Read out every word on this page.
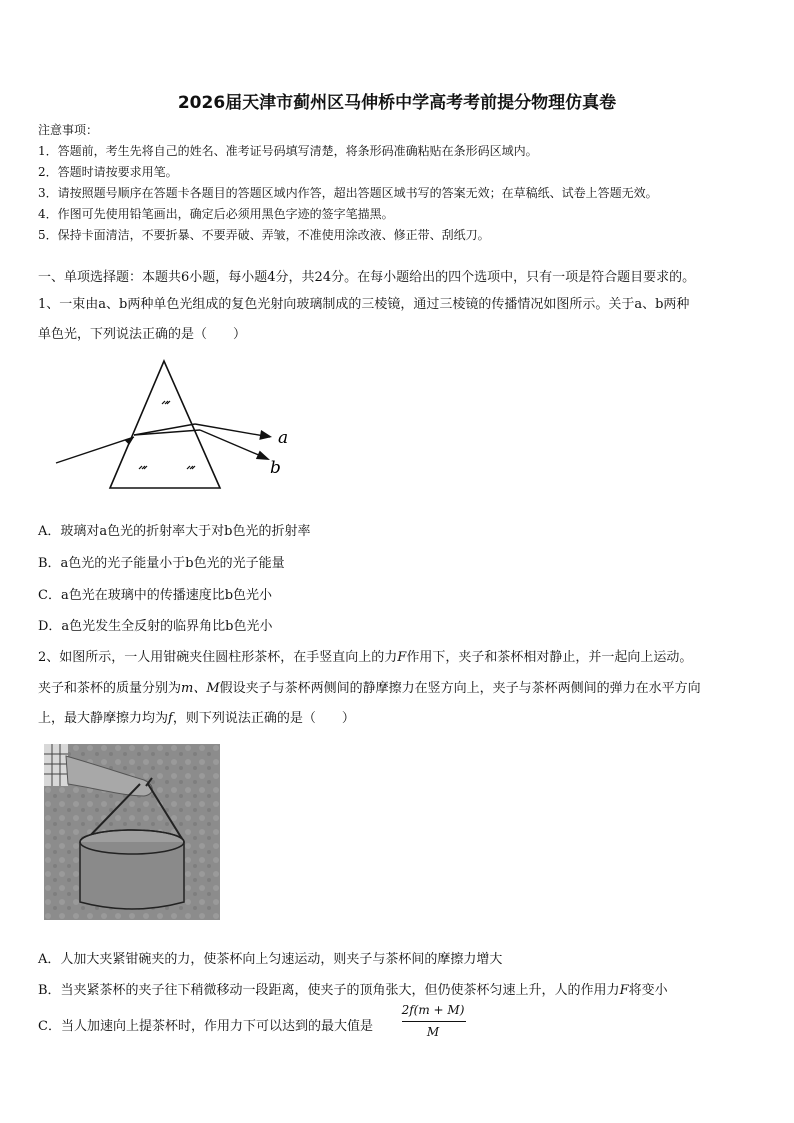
2026届天津市蓟州区马伸桥中学高考考前提分物理仿真卷
注意事项：
1．答题前，考生先将自己的姓名、准考证号码填写清楚，将条形码准确粘贴在条形码区域内。
2．答题时请按要求用笔。
3．请按照题号顺序在答题卡各题目的答题区域内作答，超出答题区域书写的答案无效；在草稿纸、试卷上答题无效。
4．作图可先使用铅笔画出，确定后必须用黑色字迹的签字笔描黑。
5．保持卡面清洁，不要折暴、不要弄破、弄皱，不准使用涂改液、修正带、刮纸刀。
一、单项选择题：本题共6小题，每小题4分，共24分。在每小题给出的四个选项中，只有一项是符合题目要求的。
1、一束由a、b两种单色光组成的复色光射向玻璃制成的三棱镜，通过三棱镜的传播情况如图所示。关于a、b两种
单色光，下列说法正确的是（　　）
a
b
A．玻璃对a色光的折射率大于对b色光的折射率
B．a色光的光子能量小于b色光的光子能量
C．a色光在玻璃中的传播速度比b色光小
D．a色光发生全反射的临界角比b色光小
2、如图所示，一人用钳碗夹住圆柱形茶杯，在手竖直向上的力F作用下，夹子和茶杯相对静止，并一起向上运动。
夹子和茶杯的质量分别为m、M假设夹子与茶杯两侧间的静摩擦力在竖方向上，夹子与茶杯两侧间的弹力在水平方向
上，最大静摩擦力均为f，则下列说法正确的是（　　）
A．人加大夹紧钳碗夹的力，使茶杯向上匀速运动，则夹子与茶杯间的摩擦力增大
B．当夹紧茶杯的夹子往下稍微移动一段距离，使夹子的顶角张大，但仍使茶杯匀速上升，人的作用力F将变小
C．当人加速向上提茶杯时，作用力下可以达到的最大值是
2f(m + M)
M
